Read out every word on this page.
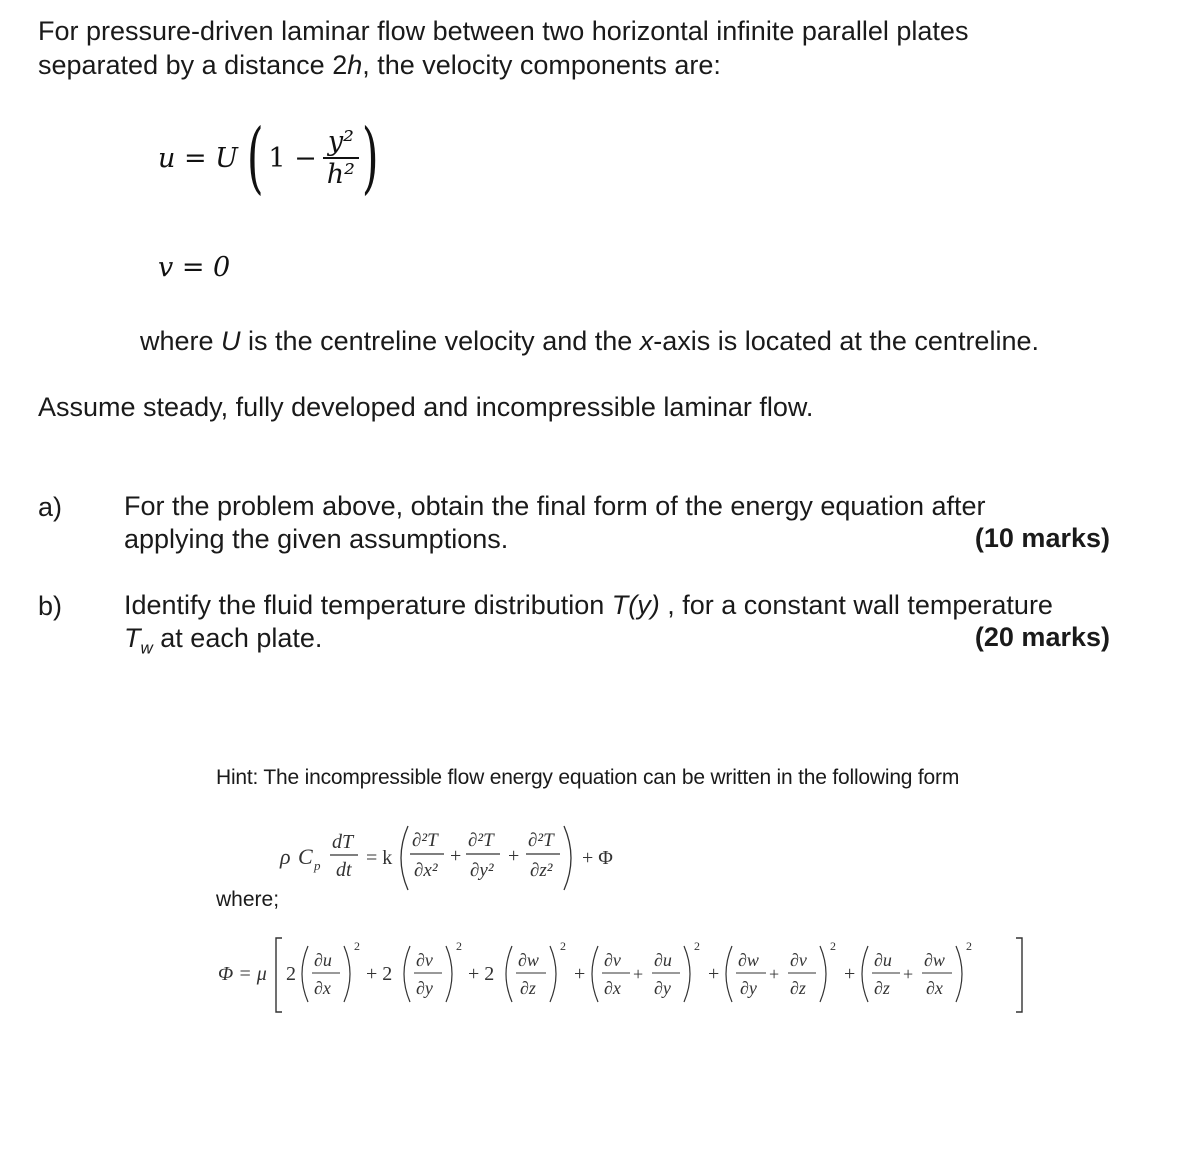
For pressure-driven laminar flow between two horizontal infinite parallel plates
separated by a distance 2h, the velocity components are:
u = U ( $1 - \frac{\text{y²}}{\text{h²}}$ )
v = 0
where U is the centreline velocity and the x-axis is located at the centreline.
Assume steady, fully developed and incompressible laminar flow.
a) For the problem above, obtain the final form of the energy equation after
applying the given assumptions.	(10 marks)
b) Identify the fluid temperature distribution T(y) , for a constant wall temperature
$T_w$ at each plate.	(20 marks)
Hint: The incompressible flow energy equation can be written in the following form
ρ C p
dT
dt
= k
∂²T
∂x²
+
∂²T
∂y²
+
∂²T
∂z²
+ Φ
where;
Φ = μ 2
∂u
∂x
2
+ 2
∂v
∂y
2
+ 2
∂w
∂z
2
+
∂v
∂x
+
∂u
∂y
2
+
∂w
∂y
+
∂v
∂z
2
+
∂u
∂z
+
∂w
∂x
2
